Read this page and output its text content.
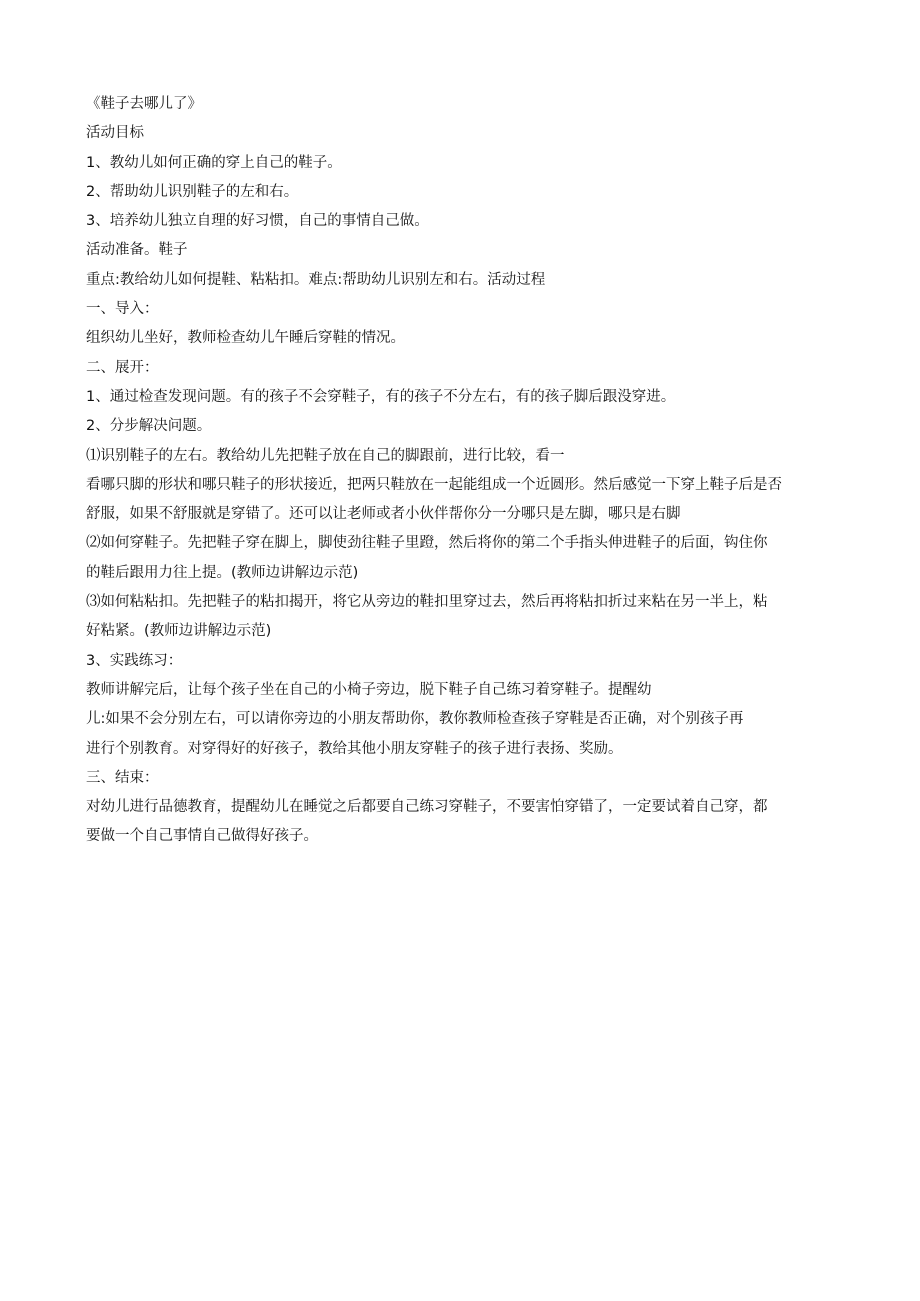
《鞋子去哪儿了》
活动目标
1、教幼儿如何正确的穿上自己的鞋子。
2、帮助幼儿识别鞋子的左和右。
3、培养幼儿独立自理的好习惯，自己的事情自己做。
活动准备。鞋子
重点:教给幼儿如何提鞋、粘粘扣。难点:帮助幼儿识别左和右。活动过程
一、导入：
组织幼儿坐好，教师检查幼儿午睡后穿鞋的情况。
二、展开：
1、通过检查发现问题。有的孩子不会穿鞋子，有的孩子不分左右，有的孩子脚后跟没穿进。
2、分步解决问题。
⑴识别鞋子的左右。教给幼儿先把鞋子放在自己的脚跟前，进行比较，看一
看哪只脚的形状和哪只鞋子的形状接近，把两只鞋放在一起能组成一个近圆形。然后感觉一下穿上鞋子后是否
舒服，如果不舒服就是穿错了。还可以让老师或者小伙伴帮你分一分哪只是左脚，哪只是右脚
⑵如何穿鞋子。先把鞋子穿在脚上，脚使劲往鞋子里蹬，然后将你的第二个手指头伸进鞋子的后面，钩住你
的鞋后跟用力往上提。(教师边讲解边示范)
⑶如何粘粘扣。先把鞋子的粘扣揭开，将它从旁边的鞋扣里穿过去，然后再将粘扣折过来粘在另一半上，粘
好粘紧。(教师边讲解边示范)
3、实践练习：
教师讲解完后，让每个孩子坐在自己的小椅子旁边，脱下鞋子自己练习着穿鞋子。提醒幼
儿:如果不会分别左右，可以请你旁边的小朋友帮助你，教你教师检查孩子穿鞋是否正确，对个别孩子再
进行个别教育。对穿得好的好孩子，教给其他小朋友穿鞋子的孩子进行表扬、奖励。
三、结束：
对幼儿进行品德教育，提醒幼儿在睡觉之后都要自己练习穿鞋子，不要害怕穿错了，一定要试着自己穿，都
要做一个自己事情自己做得好孩子。
